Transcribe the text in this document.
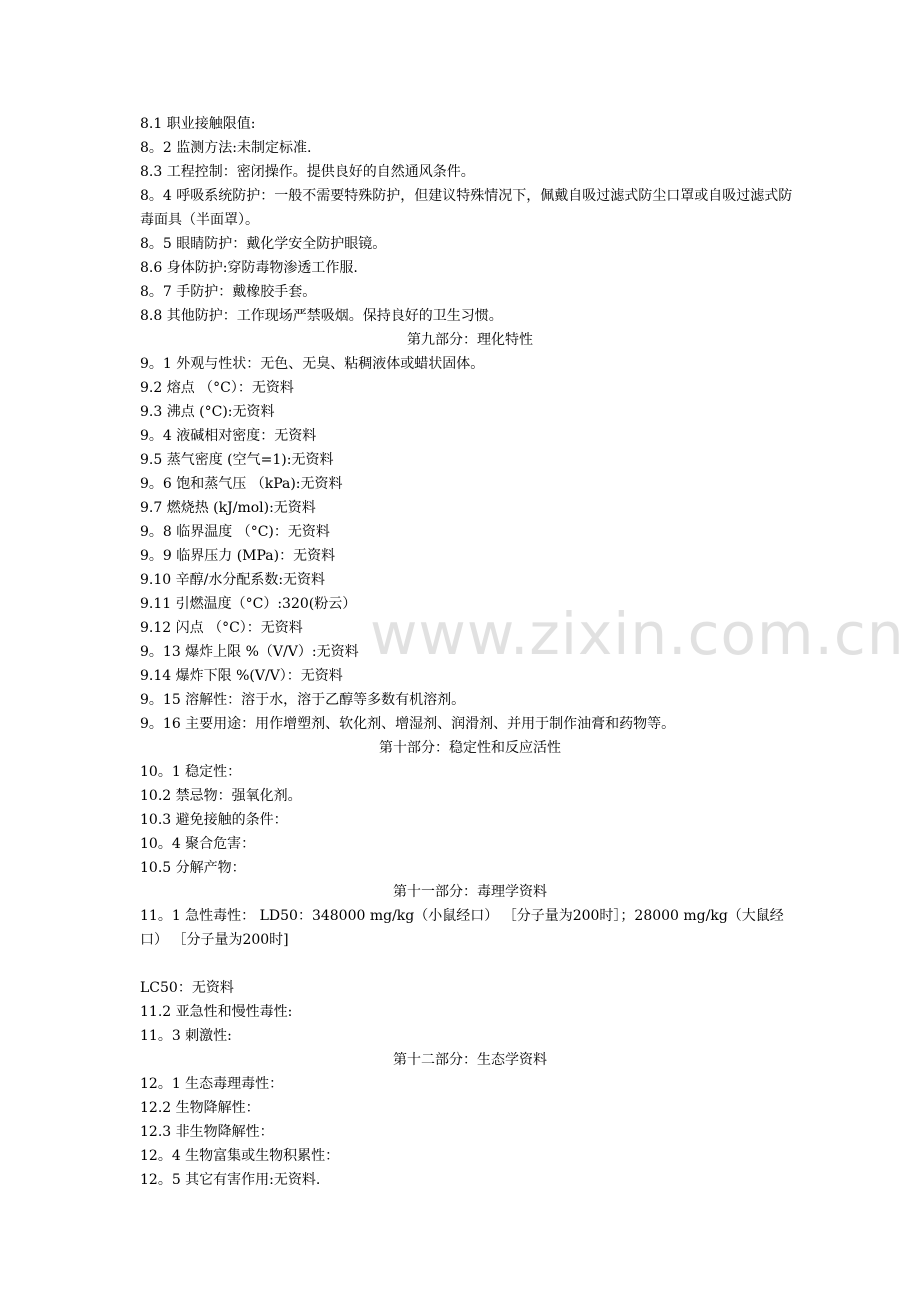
8.1 职业接触限值:
8。2 监测方法:未制定标准.
8.3 工程控制：密闭操作。提供良好的自然通风条件。
8。4 呼吸系统防护：一般不需要特殊防护，但建议特殊情况下，佩戴自吸过滤式防尘口罩或自吸过滤式防毒面具（半面罩）。
8。5 眼睛防护：戴化学安全防护眼镜。
8.6 身体防护:穿防毒物渗透工作服.
8。7 手防护：戴橡胶手套。
8.8 其他防护：工作现场严禁吸烟。保持良好的卫生习惯。
第九部分：理化特性
9。1 外观与性状：无色、无臭、粘稠液体或蜡状固体。
9.2 熔点 （°C）：无资料
9.3 沸点 (°C):无资料
9。4 液碱相对密度：无资料
9.5 蒸气密度 (空气=1):无资料
9。6 饱和蒸气压 （kPa):无资料
9.7 燃烧热 (kJ/mol):无资料
9。8 临界温度 （°C)：无资料
9。9 临界压力 (MPa)：无资料
9.10 辛醇/水分配系数:无资料
9.11 引燃温度（°C）:320(粉云）
9.12 闪点 （°C）：无资料
9。13 爆炸上限 %（V/V）:无资料
9.14 爆炸下限 %(V/V）：无资料
9。15 溶解性：溶于水，溶于乙醇等多数有机溶剂。
9。16 主要用途：用作增塑剂、软化剂、增湿剂、润滑剂、并用于制作油膏和药物等。
第十部分：稳定性和反应活性
10。1 稳定性：
10.2 禁忌物：强氧化剂。
10.3 避免接触的条件：
10。4 聚合危害：
10.5 分解产物：
第十一部分：毒理学资料
11。1 急性毒性： LD50：348000 mg/kg（小鼠经口） ［分子量为200时］；28000 mg/kg（大鼠经口） ［分子量为200时]
LC50：无资料
11.2 亚急性和慢性毒性:
11。3 刺激性:
第十二部分：生态学资料
12。1 生态毒理毒性：
12.2 生物降解性：
12.3 非生物降解性：
12。4 生物富集或生物积累性：
12。5 其它有害作用:无资料.
www.zixin.com.cn
